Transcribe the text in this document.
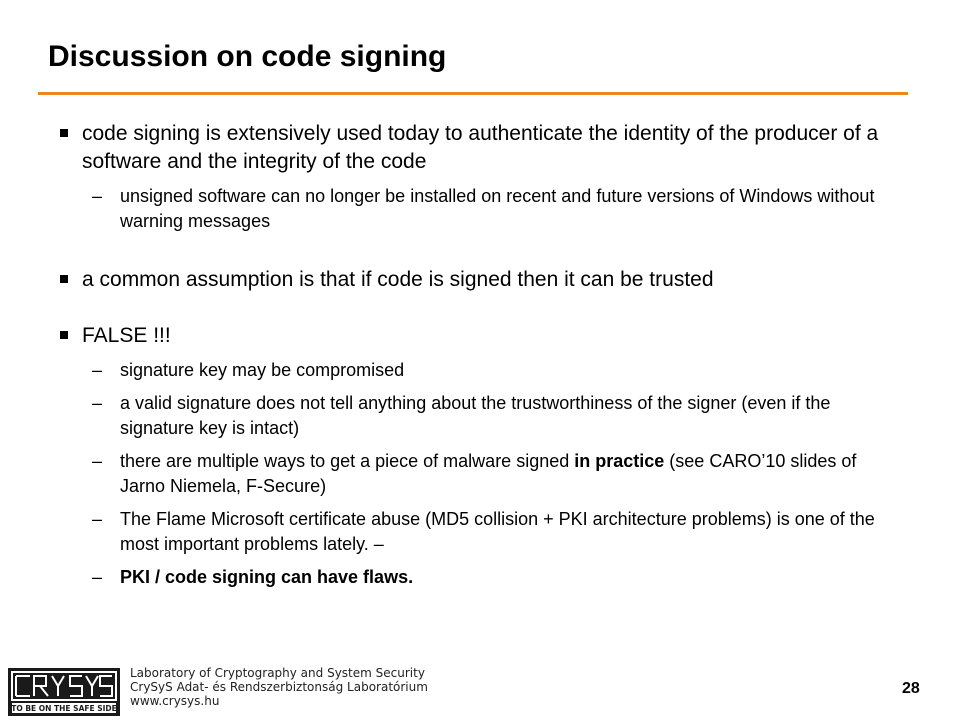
Discussion on code signing
code signing is extensively used today to authenticate the identity of the producer of a software and the integrity of the code
– unsigned software can no longer be installed on recent and future versions of Windows without warning messages
a common assumption is that if code is signed then it can be trusted
FALSE !!!
– signature key may be compromised
– a valid signature does not tell anything about the trustworthiness of the signer (even if the signature key is intact)
– there are multiple ways to get a piece of malware signed in practice (see CARO’10 slides of Jarno Niemela, F-Secure)
– The Flame Microsoft certificate abuse (MD5 collision + PKI architecture problems) is one of the most important problems lately. –
– PKI / code signing can have flaws.
TO BE ON THE SAFE SIDE
Laboratory of Cryptography and System Security
CrySyS Adat- és Rendszerbiztonság Laboratórium
www.crysys.hu
28
